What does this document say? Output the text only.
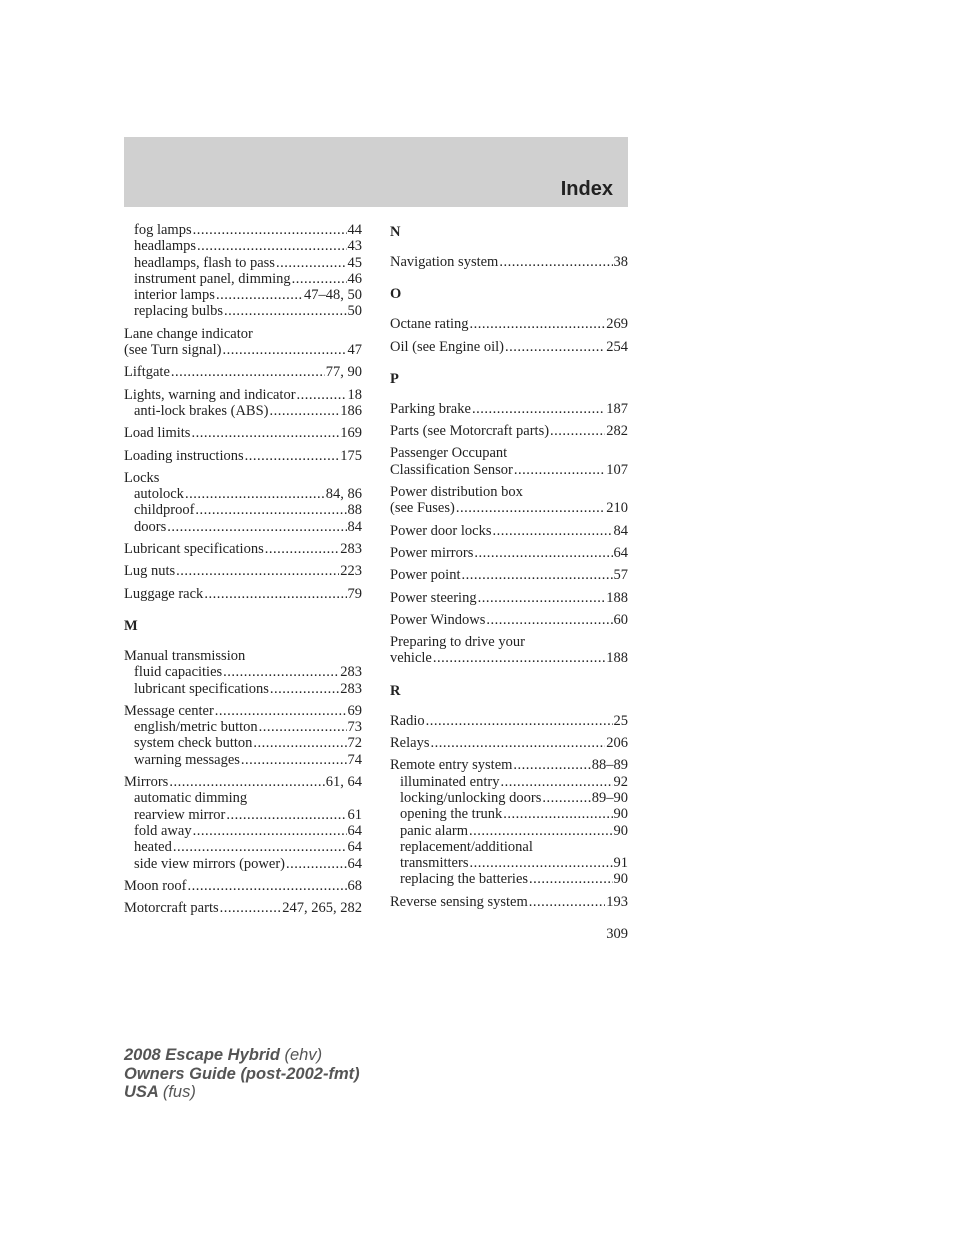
Index
fog lamps .....	44
headlamps .....	43
headlamps, flash to pass .....	45
instrument panel, dimming .....	46
interior lamps .....	47–48, 50
replacing bulbs .....	50
Lane change indicator
(see Turn signal) .....	47
Liftgate .....	77, 90
Lights, warning and indicator .....	18
anti-lock brakes (ABS) .....	186
Load limits .....	169
Loading instructions .....	175
Locks
autolock .....	84, 86
childproof .....	88
doors .....	84
Lubricant specifications .....	283
Lug nuts .....	223
Luggage rack .....	79
M
Manual transmission
fluid capacities .....	283
lubricant specifications .....	283
Message center .....	69
english/metric button .....	73
system check button .....	72
warning messages .....	74
Mirrors .....	61, 64
automatic dimming
rearview mirror .....	61
fold away .....	64
heated .....	64
side view mirrors (power) .....	64
Moon roof .....	68
Motorcraft parts .....	247, 265, 282
N
Navigation system .....	38
O
Octane rating .....	269
Oil (see Engine oil) .....	254
P
Parking brake .....	187
Parts (see Motorcraft parts) .....	282
Passenger Occupant
Classification Sensor .....	107
Power distribution box
(see Fuses) .....	210
Power door locks .....	84
Power mirrors .....	64
Power point .....	57
Power steering .....	188
Power Windows .....	60
Preparing to drive your
vehicle .....	188
R
Radio .....	25
Relays .....	206
Remote entry system .....	88–89
illuminated entry .....	92
locking/unlocking doors .....	89–90
opening the trunk .....	90
panic alarm .....	90
replacement/additional
transmitters .....	91
replacing the batteries .....	90
Reverse sensing system .....	193
309
2008 Escape Hybrid (ehv)
Owners Guide (post-2002-fmt)
USA (fus)
